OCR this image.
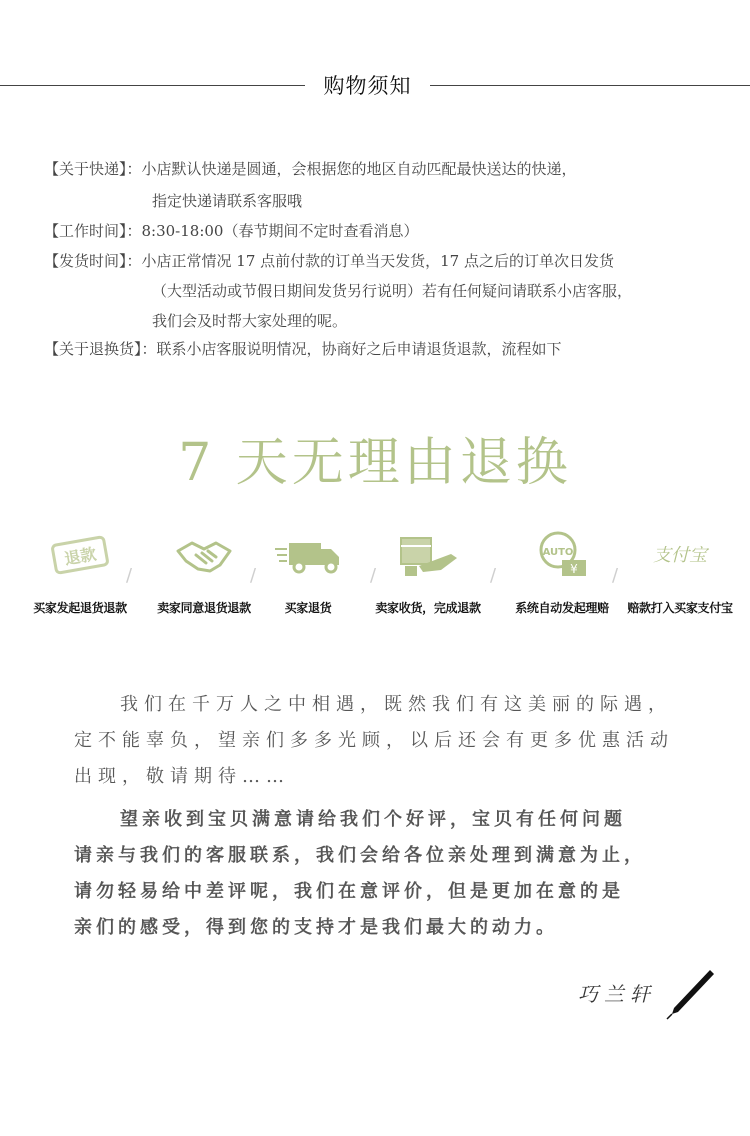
购物须知
【关于快递】：小店默认快递是圆通，会根据您的地区自动匹配最快送达的快递，
指定快递请联系客服哦
【工作时间】：8:30-18:00（春节期间不定时查看消息）
【发货时间】：小店正常情况 17 点前付款的订单当天发货，17 点之后的订单次日发货
（大型活动或节假日期间发货另行说明）若有任何疑问请联系小店客服，
我们会及时帮大家处理的呢。
【关于退换货】：联系小店客服说明情况，协商好之后申请退货退款，流程如下
7 天无理由退换
退款
买家发起退货退款
/
卖家同意退货退款
/
买家退货
/
卖家收货，完成退款
/
AUTO
¥
系统自动发起理赔
/
支付宝
赔款打入买家支付宝
我们在千万人之中相遇，既然我们有这美丽的际遇，
定不能辜负，望亲们多多光顾，以后还会有更多优惠活动
出现，敬请期待……
望亲收到宝贝满意请给我们个好评，宝贝有任何问题
请亲与我们的客服联系，我们会给各位亲处理到满意为止，
请勿轻易给中差评呢，我们在意评价，但是更加在意的是
亲们的感受，得到您的支持才是我们最大的动力。
巧兰轩
